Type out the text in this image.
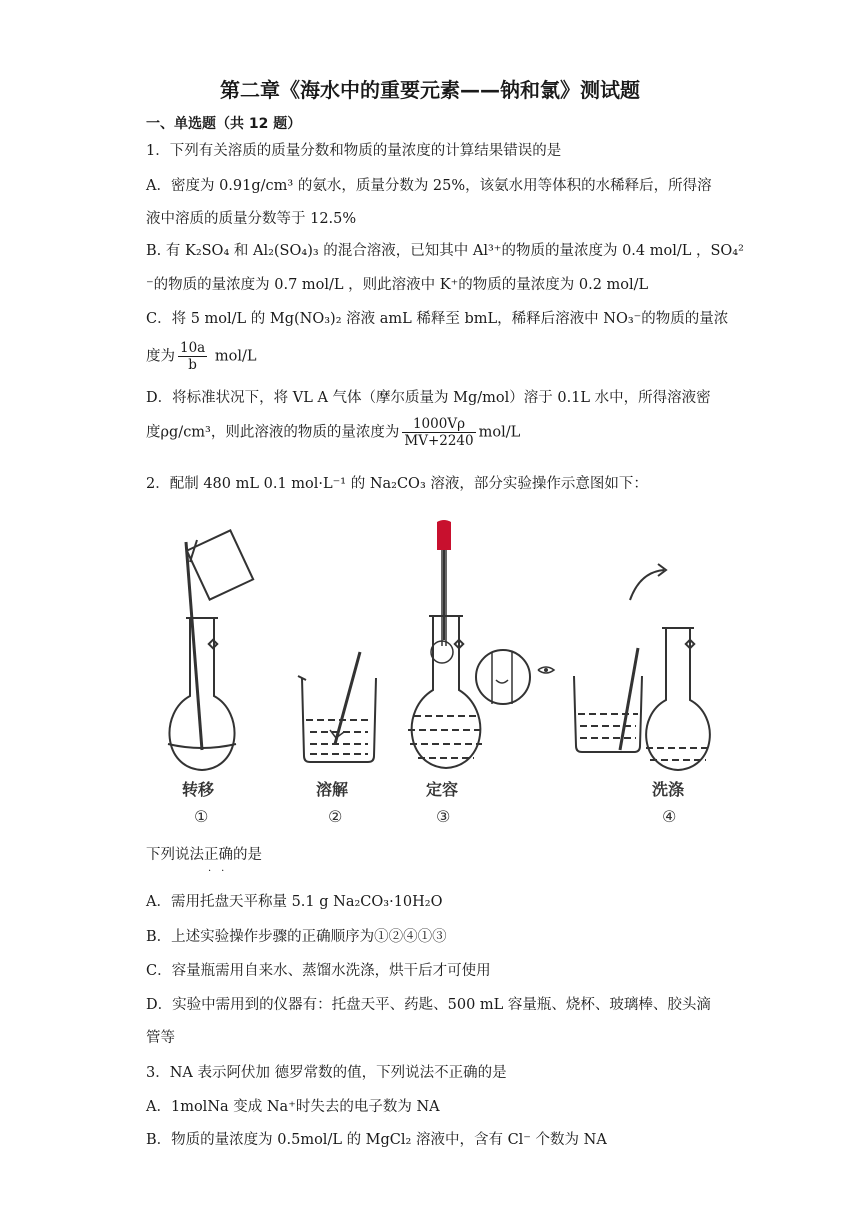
第二章《海水中的重要元素——钠和氯》测试题
一、单选题（共 12 题）
1．下列有关溶质的质量分数和物质的量浓度的计算结果错误的是
A．密度为 0.91g/cm³ 的氨水，质量分数为 25%，该氨水用等体积的水稀释后，所得溶
液中溶质的质量分数等于 12.5%
B. 有 K₂SO₄ 和 Al₂(SO₄)₃ 的混合溶液，已知其中 Al³⁺的物质的量浓度为 0.4 mol/L ，SO₄²
⁻的物质的量浓度为 0.7 mol/L ，则此溶液中 K⁺的物质的量浓度为 0.2 mol/L
C．将 5 mol/L 的 Mg(NO₃)₂ 溶液 amL 稀释至 bmL，稀释后溶液中 NO₃⁻的物质的量浓
度为 $\frac{10a}{b} mol/L$
D．将标准状况下，将 VL A 气体（摩尔质量为 Mg/mol）溶于 0.1L 水中，所得溶液密
度ρg/cm³，则此溶液的物质的量浓度为 $\frac{1000V\rho}{MV+2240} mol/L$
2．配制 480 mL 0.1 mol·L⁻¹ 的 Na₂CO₃ 溶液，部分实验操作示意图如下：
转移	溶解	定容	洗涤
①	②	③	④
下列说法正确的是
··
A．需用托盘天平称量 5.1 g Na₂CO₃·10H₂O
B．上述实验操作步骤的正确顺序为①②④①③
C．容量瓶需用自来水、蒸馏水洗涤，烘干后才可使用
D．实验中需用到的仪器有：托盘天平、药匙、500 mL 容量瓶、烧杯、玻璃棒、胶头滴
管等
3．NA 表示阿伏加 德罗常数的值，下列说法不正确的是
A．1molNa 变成 Na⁺时失去的电子数为 NA
B．物质的量浓度为 0.5mol/L 的 MgCl₂ 溶液中，含有 Cl⁻ 个数为 NA
